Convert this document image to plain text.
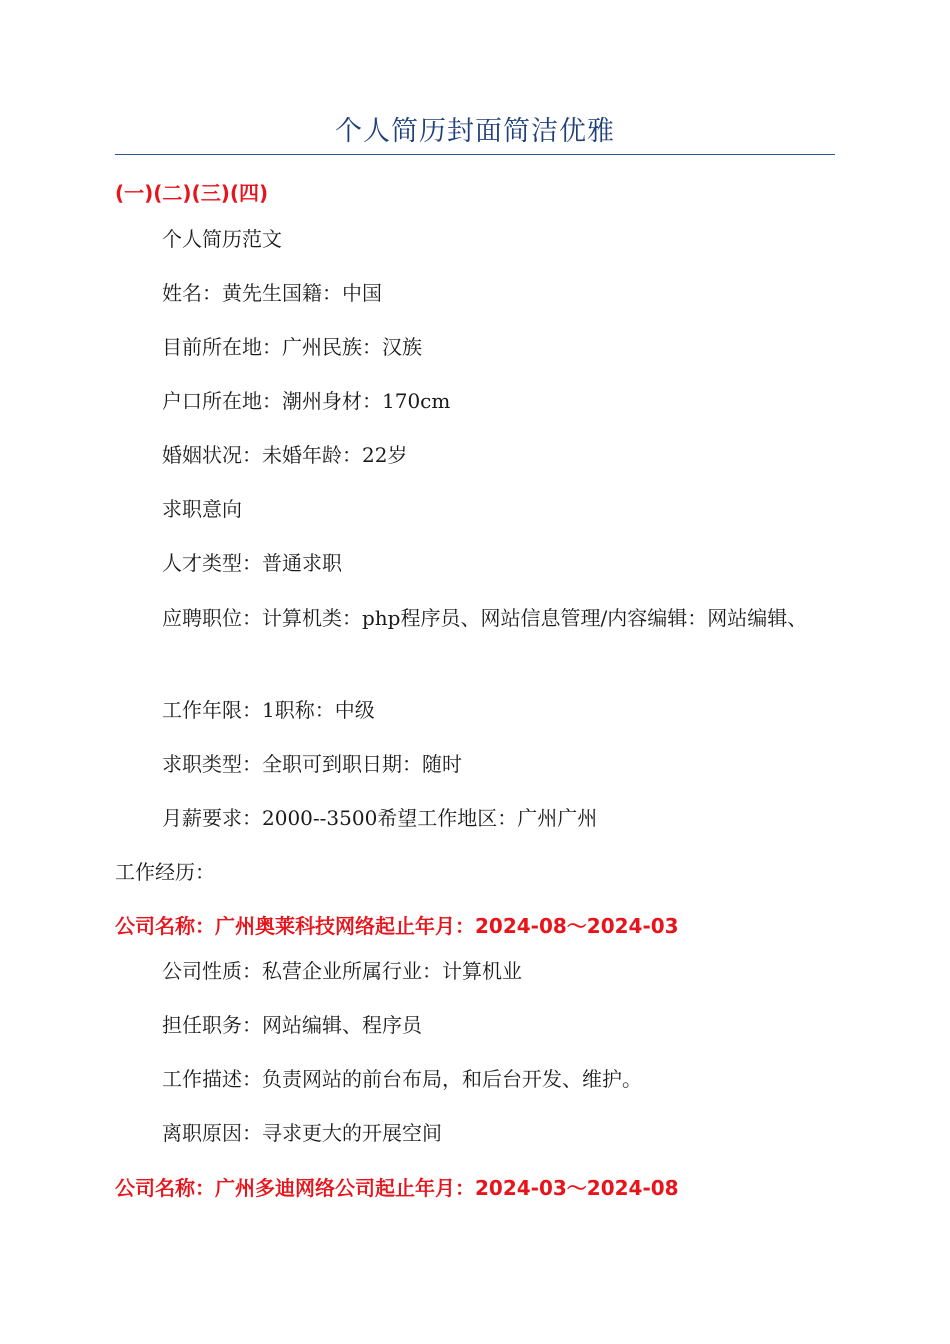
个人简历封面简洁优雅
(一)(二)(三)(四)
个人简历范文
姓名：黄先生国籍：中国
目前所在地：广州民族：汉族
户口所在地：潮州身材：170cm
婚姻状况：未婚年龄：22岁
求职意向
人才类型：普通求职
应聘职位：计算机类：php程序员、网站信息管理/内容编辑：网站编辑、
工作年限：1职称：中级
求职类型：全职可到职日期：随时
月薪要求：2000--3500希望工作地区：广州广州
工作经历：
公司名称：广州奥莱科技网络起止年月：2024-08～2024-03
公司性质：私营企业所属行业：计算机业
担任职务：网站编辑、程序员
工作描述：负责网站的前台布局，和后台开发、维护。
离职原因：寻求更大的开展空间
公司名称：广州多迪网络公司起止年月：2024-03～2024-08
